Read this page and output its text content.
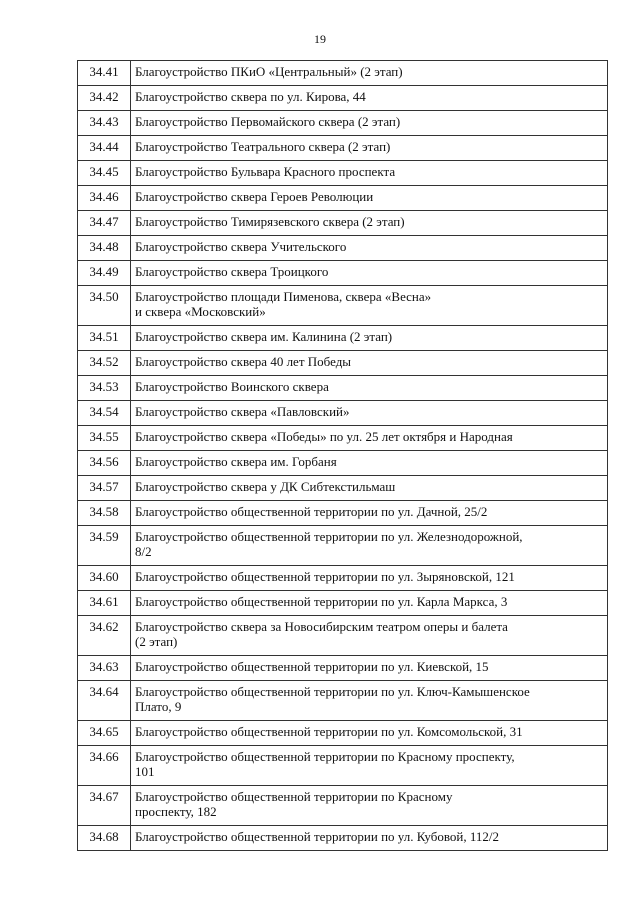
19
34.41	Благоустройство ПКиО «Центральный» (2 этап)

34.42	Благоустройство сквера по ул. Кирова, 44

34.43	Благоустройство Первомайского сквера (2 этап)

34.44	Благоустройство Театрального сквера (2 этап)

34.45	Благоустройство Бульвара Красного проспекта

34.46	Благоустройство сквера Героев Революции

34.47	Благоустройство Тимирязевского сквера (2 этап)

34.48	Благоустройство сквера Учительского

34.49	Благоустройство сквера Троицкого

34.50	Благоустройство площади Пименова, сквера «Весна»
и сквера «Московский»

34.51	Благоустройство сквера им. Калинина (2 этап)

34.52	Благоустройство сквера 40 лет Победы

34.53	Благоустройство Воинского сквера

34.54	Благоустройство сквера «Павловский»

34.55	Благоустройство сквера «Победы» по ул. 25 лет октября и Народная

34.56	Благоустройство сквера им. Горбаня

34.57	Благоустройство сквера у ДК Сибтекстильмаш

34.58	Благоустройство общественной территории по ул. Дачной, 25/2

34.59	Благоустройство общественной территории по ул. Железнодорожной,
8/2

34.60	Благоустройство общественной территории по ул. Зыряновской, 121

34.61	Благоустройство общественной территории по ул. Карла Маркса, 3

34.62	Благоустройство сквера за Новосибирским театром оперы и балета
(2 этап)

34.63	Благоустройство общественной территории по ул. Киевской, 15

34.64	Благоустройство общественной территории по ул. Ключ-Камышенское
Плато, 9

34.65	Благоустройство общественной территории по ул. Комсомольской, 31

34.66	Благоустройство общественной территории по Красному проспекту,
101

34.67	Благоустройство общественной территории по Красному
проспекту, 182

34.68	Благоустройство общественной территории по ул. Кубовой, 112/2
